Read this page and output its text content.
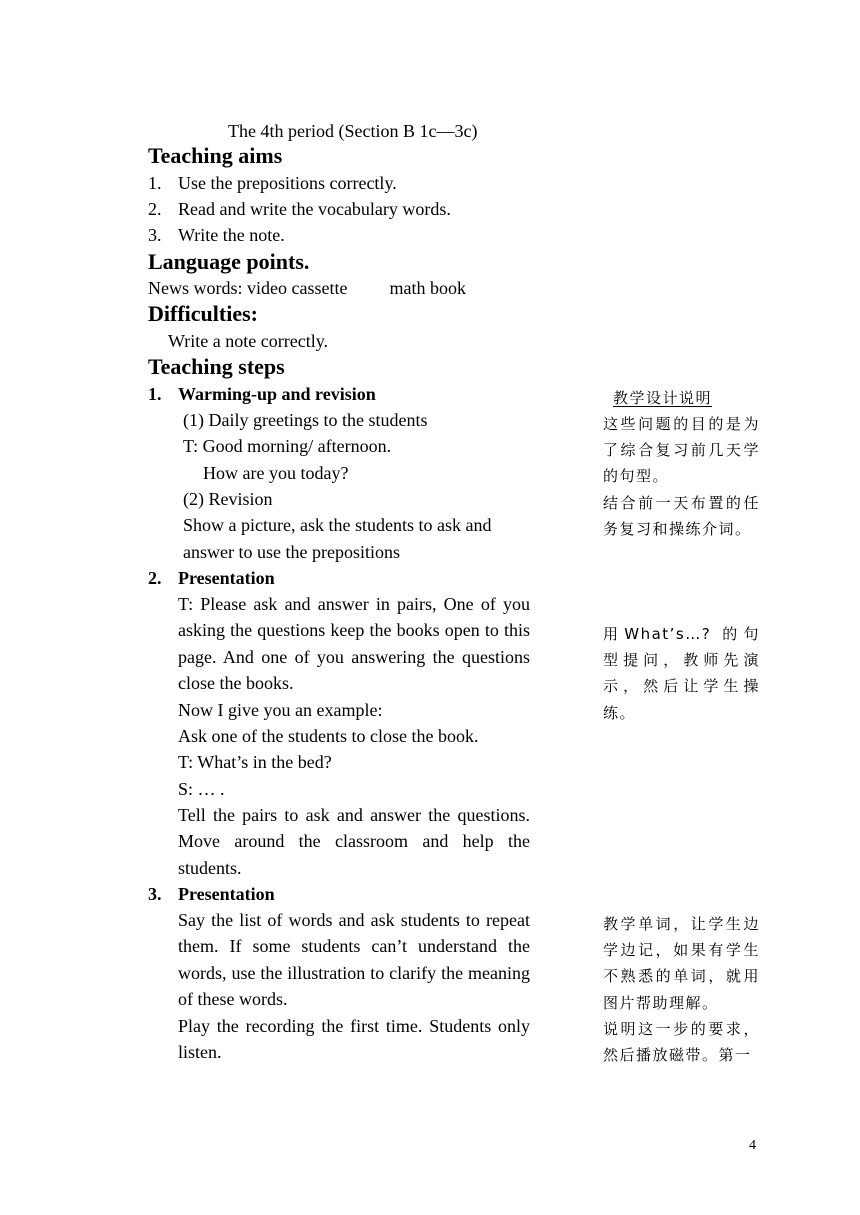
The 4th period (Section B 1c—3c)
Teaching aims
1. Use the prepositions correctly.
2. Read and write the vocabulary words.
3. Write the note.
Language points.
News words: video cassette math book
Difficulties:
Write a note correctly.
Teaching steps
1. Warming-up and revision
(1) Daily greetings to the students
T: Good morning/ afternoon.
How are you today?
(2) Revision
Show a picture, ask the students to ask and
answer to use the prepositions
2. Presentation
T: Please ask and answer in pairs, One of you asking the questions keep the books open to this page. And one of you answering the questions close the books.
Now I give you an example:
Ask one of the students to close the book.
T: What’s in the bed?
S: … .
Tell the pairs to ask and answer the questions. Move around the classroom and help the students.
3. Presentation
Say the list of words and ask students to repeat them. If some students can’t understand the words, use the illustration to clarify the meaning of these words.
Play the recording the first time. Students only listen.
教学设计说明
这些问题的目的是为了综合复习前几天学的句型。
结合前一天布置的任务复习和操练介词。
用What’s…? 的句型提问，教师先演示，然后让学生操练。
教学单词，让学生边学边记，如果有学生不熟悉的单词，就用图片帮助理解。
说明这一步的要求，然后播放磁带。第一
4
